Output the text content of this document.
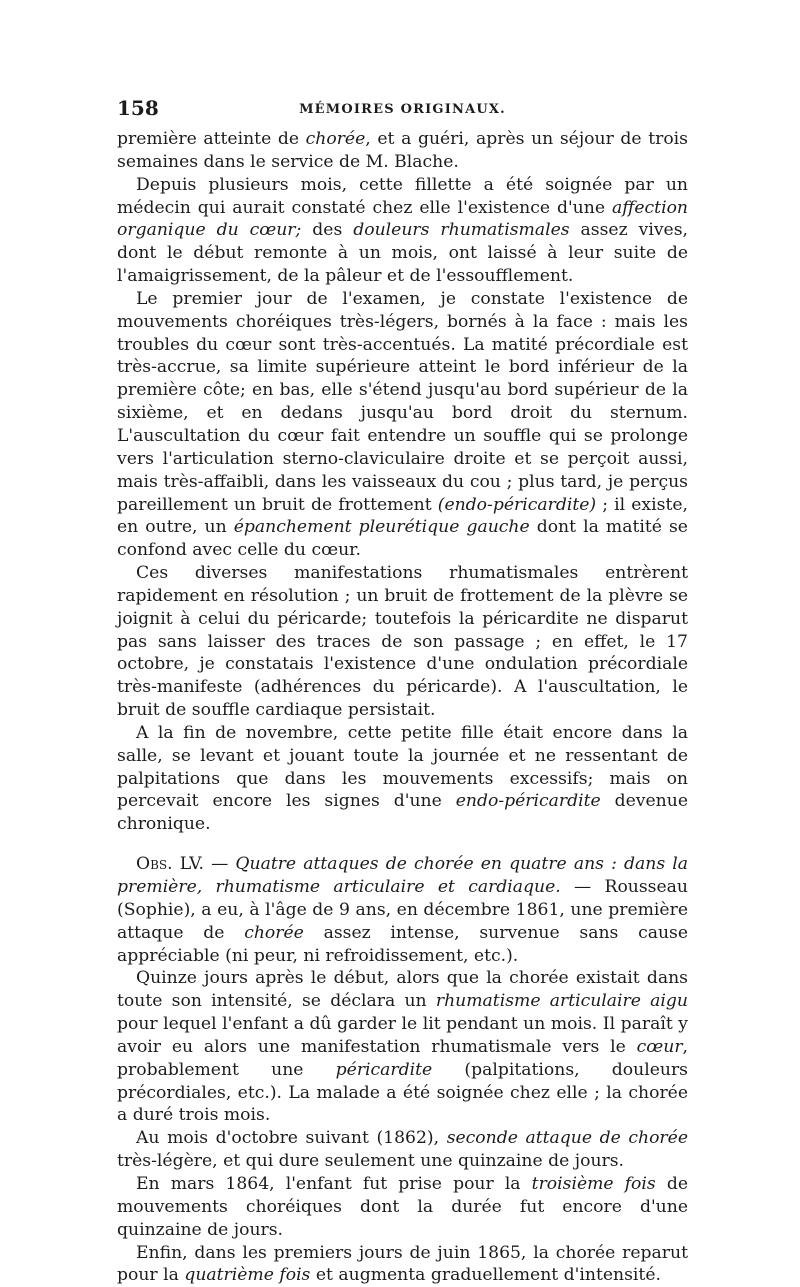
158	MÉMOIRES ORIGINAUX.

première atteinte de chorée, et a guéri, après un séjour de trois semaines dans le service de M. Blache.

Depuis plusieurs mois, cette fillette a été soignée par un médecin qui aurait constaté chez elle l'existence d'une affection organique du cœur; des douleurs rhumatismales assez vives, dont le début remonte à un mois, ont laissé à leur suite de l'amaigrissement, de la pâleur et de l'essoufflement.

Le premier jour de l'examen, je constate l'existence de mouvements choréiques très-légers, bornés à la face : mais les troubles du cœur sont très-accentués. La matité précordiale est très-accrue, sa limite supérieure atteint le bord inférieur de la première côte; en bas, elle s'étend jusqu'au bord supérieur de la sixième, et en dedans jusqu'au bord droit du sternum. L'auscultation du cœur fait entendre un souffle qui se prolonge vers l'articulation sterno-claviculaire droite et se perçoit aussi, mais très-affaibli, dans les vaisseaux du cou ; plus tard, je perçus pareillement un bruit de frottement (endo-péricardite) ; il existe, en outre, un épanchement pleurétique gauche dont la matité se confond avec celle du cœur.

Ces diverses manifestations rhumatismales entrèrent rapidement en résolution ; un bruit de frottement de la plèvre se joignit à celui du péricarde; toutefois la péricardite ne disparut pas sans laisser des traces de son passage ; en effet, le 17 octobre, je constatais l'existence d'une ondulation précordiale très-manifeste (adhérences du péricarde). A l'auscultation, le bruit de souffle cardiaque persistait.

A la fin de novembre, cette petite fille était encore dans la salle, se levant et jouant toute la journée et ne ressentant de palpitations que dans les mouvements excessifs; mais on percevait encore les signes d'une endo-péricardite devenue chronique.

Obs. LV. — Quatre attaques de chorée en quatre ans : dans la première, rhumatisme articulaire et cardiaque. — Rousseau (Sophie), a eu, à l'âge de 9 ans, en décembre 1861, une première attaque de chorée assez intense, survenue sans cause appréciable (ni peur, ni refroidissement, etc.).

Quinze jours après le début, alors que la chorée existait dans toute son intensité, se déclara un rhumatisme articulaire aigu pour lequel l'enfant a dû garder le lit pendant un mois. Il paraît y avoir eu alors une manifestation rhumatismale vers le cœur, probablement une péricardite (palpitations, douleurs précordiales, etc.). La malade a été soignée chez elle ; la chorée a duré trois mois.

Au mois d'octobre suivant (1862), seconde attaque de chorée très-légère, et qui dure seulement une quinzaine de jours.

En mars 1864, l'enfant fut prise pour la troisième fois de mouvements choréiques dont la durée fut encore d'une quinzaine de jours.

Enfin, dans les premiers jours de juin 1865, la chorée reparut pour la quatrième fois et augmenta graduellement d'intensité.
